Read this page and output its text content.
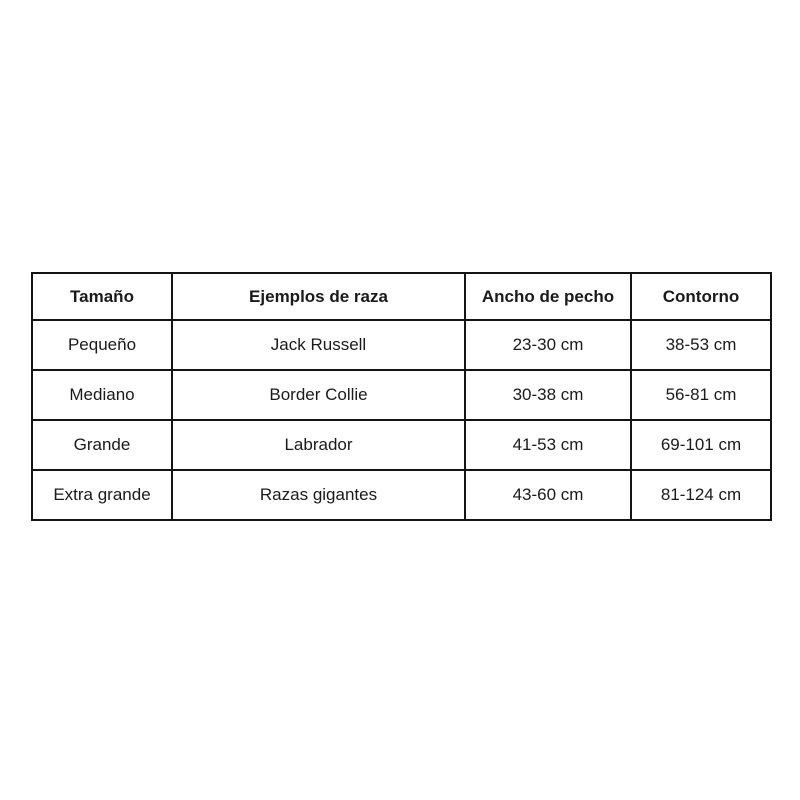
Tamaño	Ejemplos de raza	Ancho de pecho	Contorno
Pequeño	Jack Russell	23-30 cm	38-53 cm
Mediano	Border Collie	30-38 cm	56-81 cm
Grande	Labrador	41-53 cm	69-101 cm
Extra grande	Razas gigantes	43-60 cm	81-124 cm
